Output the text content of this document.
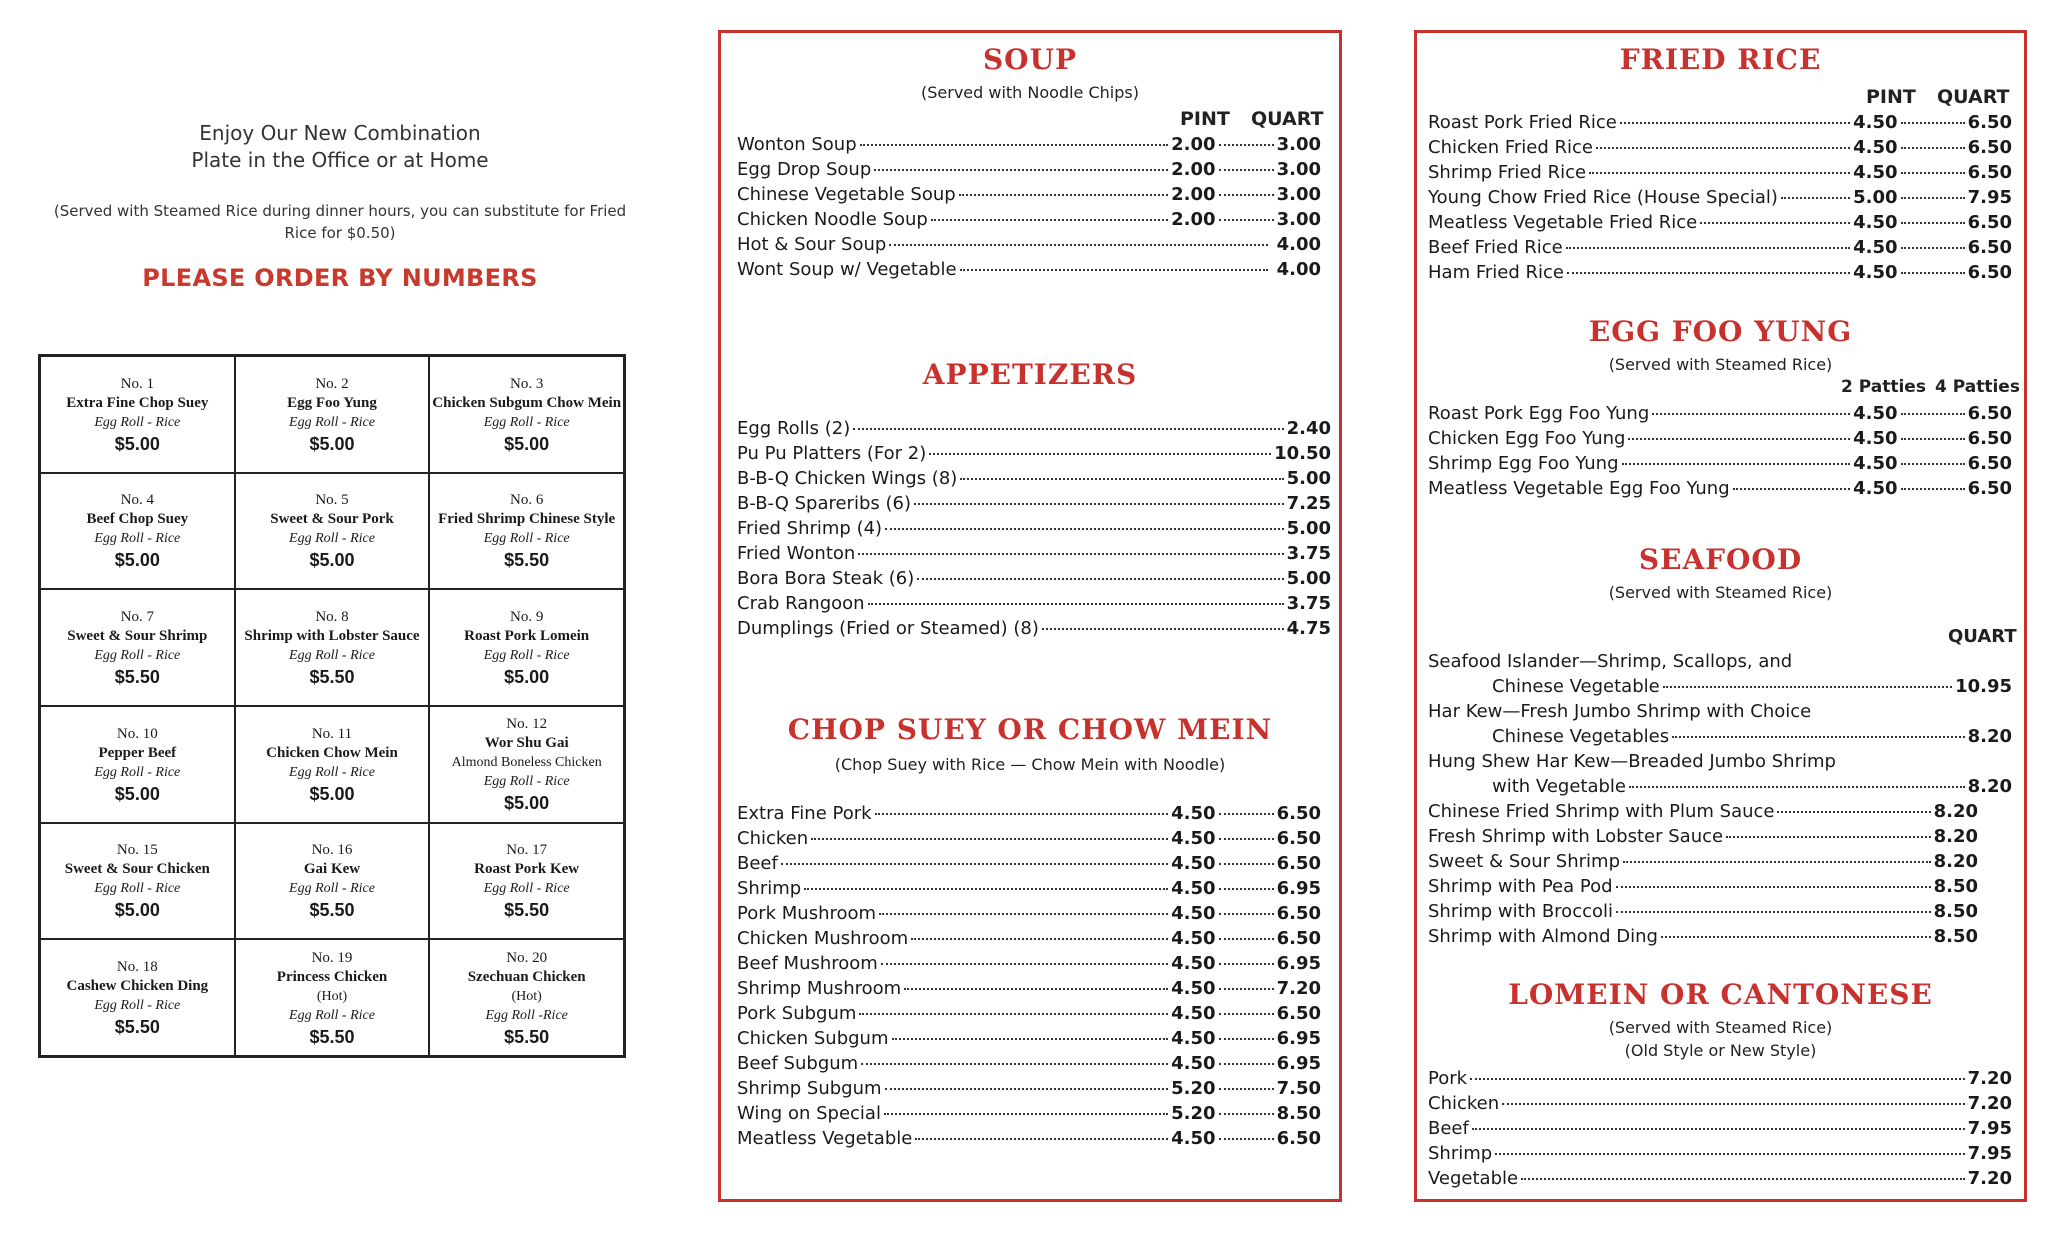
Enjoy Our New Combination
Plate in the Office or at Home
(Served with Steamed Rice during dinner hours, you can substitute for Fried Rice for $0.50)
PLEASE ORDER BY NUMBERS
No. 1
Extra Fine Chop Suey
Egg Roll - Rice
$5.00
No. 2
Egg Foo Yung
Egg Roll - Rice
$5.00
No. 3
Chicken Subgum Chow Mein
Egg Roll - Rice
$5.00
No. 4
Beef Chop Suey
Egg Roll - Rice
$5.00
No. 5
Sweet & Sour Pork
Egg Roll - Rice
$5.00
No. 6
Fried Shrimp Chinese Style
Egg Roll - Rice
$5.50
No. 7
Sweet & Sour Shrimp
Egg Roll - Rice
$5.50
No. 8
Shrimp with Lobster Sauce
Egg Roll - Rice
$5.50
No. 9
Roast Pork Lomein
Egg Roll - Rice
$5.00
No. 10
Pepper Beef
Egg Roll - Rice
$5.00
No. 11
Chicken Chow Mein
Egg Roll - Rice
$5.00
No. 12
Wor Shu Gai
Almond Boneless Chicken
Egg Roll - Rice
$5.00
No. 15
Sweet & Sour Chicken
Egg Roll - Rice
$5.00
No. 16
Gai Kew
Egg Roll - Rice
$5.50
No. 17
Roast Pork Kew
Egg Roll - Rice
$5.50
No. 18
Cashew Chicken Ding
Egg Roll - Rice
$5.50
No. 19
Princess Chicken
(Hot)
Egg Roll - Rice
$5.50
No. 20
Szechuan Chicken
(Hot)
Egg Roll -Rice
$5.50
SOUP
(Served with Noodle Chips)
PINT QUART
Wonton Soup	2.00	3.00
Egg Drop Soup	2.00	3.00
Chinese Vegetable Soup	2.00	3.00
Chicken Noodle Soup	2.00	3.00
Hot & Sour Soup	4.00
Wont Soup w/ Vegetable	4.00
APPETIZERS
Egg Rolls (2)	2.40
Pu Pu Platters (For 2)	10.50
B-B-Q Chicken Wings (8)	5.00
B-B-Q Spareribs (6)	7.25
Fried Shrimp (4)	5.00
Fried Wonton	3.75
Bora Bora Steak (6)	5.00
Crab Rangoon	3.75
Dumplings (Fried or Steamed) (8)	4.75
CHOP SUEY OR CHOW MEIN
(Chop Suey with Rice — Chow Mein with Noodle)
Extra Fine Pork	4.50	6.50
Chicken	4.50	6.50
Beef	4.50	6.50
Shrimp	4.50	6.95
Pork Mushroom	4.50	6.50
Chicken Mushroom	4.50	6.50
Beef Mushroom	4.50	6.95
Shrimp Mushroom	4.50	7.20
Pork Subgum	4.50	6.50
Chicken Subgum	4.50	6.95
Beef Subgum	4.50	6.95
Shrimp Subgum	5.20	7.50
Wing on Special	5.20	8.50
Meatless Vegetable	4.50	6.50
FRIED RICE
PINT QUART
Roast Pork Fried Rice	4.50	6.50
Chicken Fried Rice	4.50	6.50
Shrimp Fried Rice	4.50	6.50
Young Chow Fried Rice (House Special)	5.00	7.95
Meatless Vegetable Fried Rice	4.50	6.50
Beef Fried Rice	4.50	6.50
Ham Fried Rice	4.50	6.50
EGG FOO YUNG
(Served with Steamed Rice)
2 Patties 4 Patties
Roast Pork Egg Foo Yung	4.50	6.50
Chicken Egg Foo Yung	4.50	6.50
Shrimp Egg Foo Yung	4.50	6.50
Meatless Vegetable Egg Foo Yung	4.50	6.50
SEAFOOD
(Served with Steamed Rice)
QUART
Seafood Islander—Shrimp, Scallops, and
Chinese Vegetable	10.95
Har Kew—Fresh Jumbo Shrimp with Choice
Chinese Vegetables	8.20
Hung Shew Har Kew—Breaded Jumbo Shrimp
with Vegetable	8.20
Chinese Fried Shrimp with Plum Sauce	8.20
Fresh Shrimp with Lobster Sauce	8.20
Sweet & Sour Shrimp	8.20
Shrimp with Pea Pod	8.50
Shrimp with Broccoli	8.50
Shrimp with Almond Ding	8.50
LOMEIN OR CANTONESE
(Served with Steamed Rice)
(Old Style or New Style)
Pork	7.20
Chicken	7.20
Beef	7.95
Shrimp	7.95
Vegetable	7.20
